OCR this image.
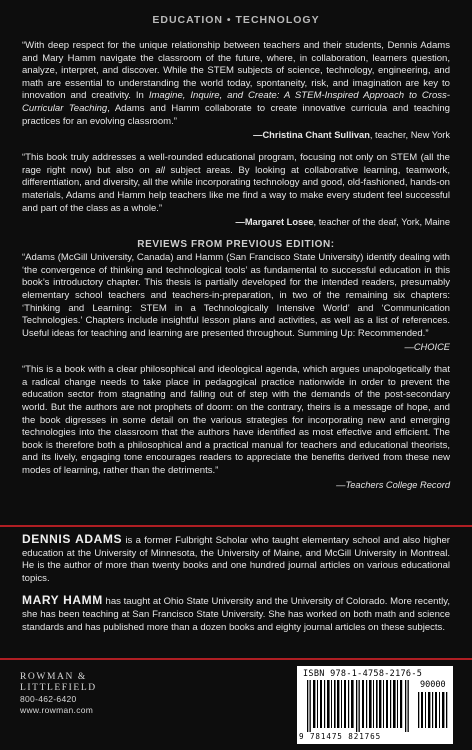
EDUCATION • TECHNOLOGY

“With deep respect for the unique relationship between teachers and their students, Dennis Adams and Mary Hamm navigate the classroom of the future, where, in collaboration, learners question, analyze, interpret, and discover. While the STEM subjects of science, technology, engineering, and math are essential to understanding the world today, spontaneity, risk, and imagination are key to innovation and creativity. In Imagine, Inquire, and Create: A STEM-Inspired Approach to Cross-Curricular Teaching, Adams and Hamm collaborate to create innovative curricula and teaching practices for an evolving classroom.”

—Christina Chant Sullivan, teacher, New York

“This book truly addresses a well-rounded educational program, focusing not only on STEM (all the rage right now) but also on all subject areas. By looking at collaborative learning, teamwork, differentiation, and diversity, all the while incorporating technology and good, old-fashioned, hands-on materials, Adams and Hamm help teachers like me find a way to make every student feel successful and part of the class as a whole.”

—Margaret Losee, teacher of the deaf, York, Maine

REVIEWS FROM PREVIOUS EDITION:

“Adams (McGill University, Canada) and Hamm (San Francisco State University) identify dealing with ‘the convergence of thinking and technological tools’ as fundamental to successful education in this book’s introductory chapter. This thesis is partially developed for the intended readers, presumably elementary school teachers and teachers-in-preparation, in two of the remaining six chapters: ‘Thinking and Learning: STEM in a Technologically Intensive World’ and ‘Communication Technologies.’ Chapters include insightful lesson plans and activities, as well as a list of references. Useful ideas for teaching and learning are presented throughout. Summing Up: Recommended.”

—CHOICE

“This is a book with a clear philosophical and ideological agenda, which argues unapologetically that a radical change needs to take place in pedagogical practice nationwide in order to prevent the education sector from stagnating and falling out of step with the demands of the post-secondary world. But the authors are not prophets of doom: on the contrary, theirs is a message of hope, and the book digresses in some detail on the various strategies for incorporating new and emerging technologies into the classroom that the authors have identified as most effective and efficient. The book is therefore both a philosophical and a practical manual for teachers and educational theorists, and its lively, engaging tone encourages readers to appreciate the benefits derived from these new modes of learning, rather than the detriments.”

—Teachers College Record

DENNIS ADAMS is a former Fulbright Scholar who taught elementary school and also higher education at the University of Minnesota, the University of Maine, and McGill University in Montreal. He is the author of more than twenty books and one hundred journal articles on various educational topics.

MARY HAMM has taught at Ohio State University and the University of Colorado. More recently, she has been teaching at San Francisco State University. She has worked on both math and science standards and has published more than a dozen books and eighty journal articles on these subjects.

ROWMAN &
LITTLEFIELD
800-462-6420
www.rowman.com
ISBN 978-1-4758-2176-5
90000
9 781475 821765
